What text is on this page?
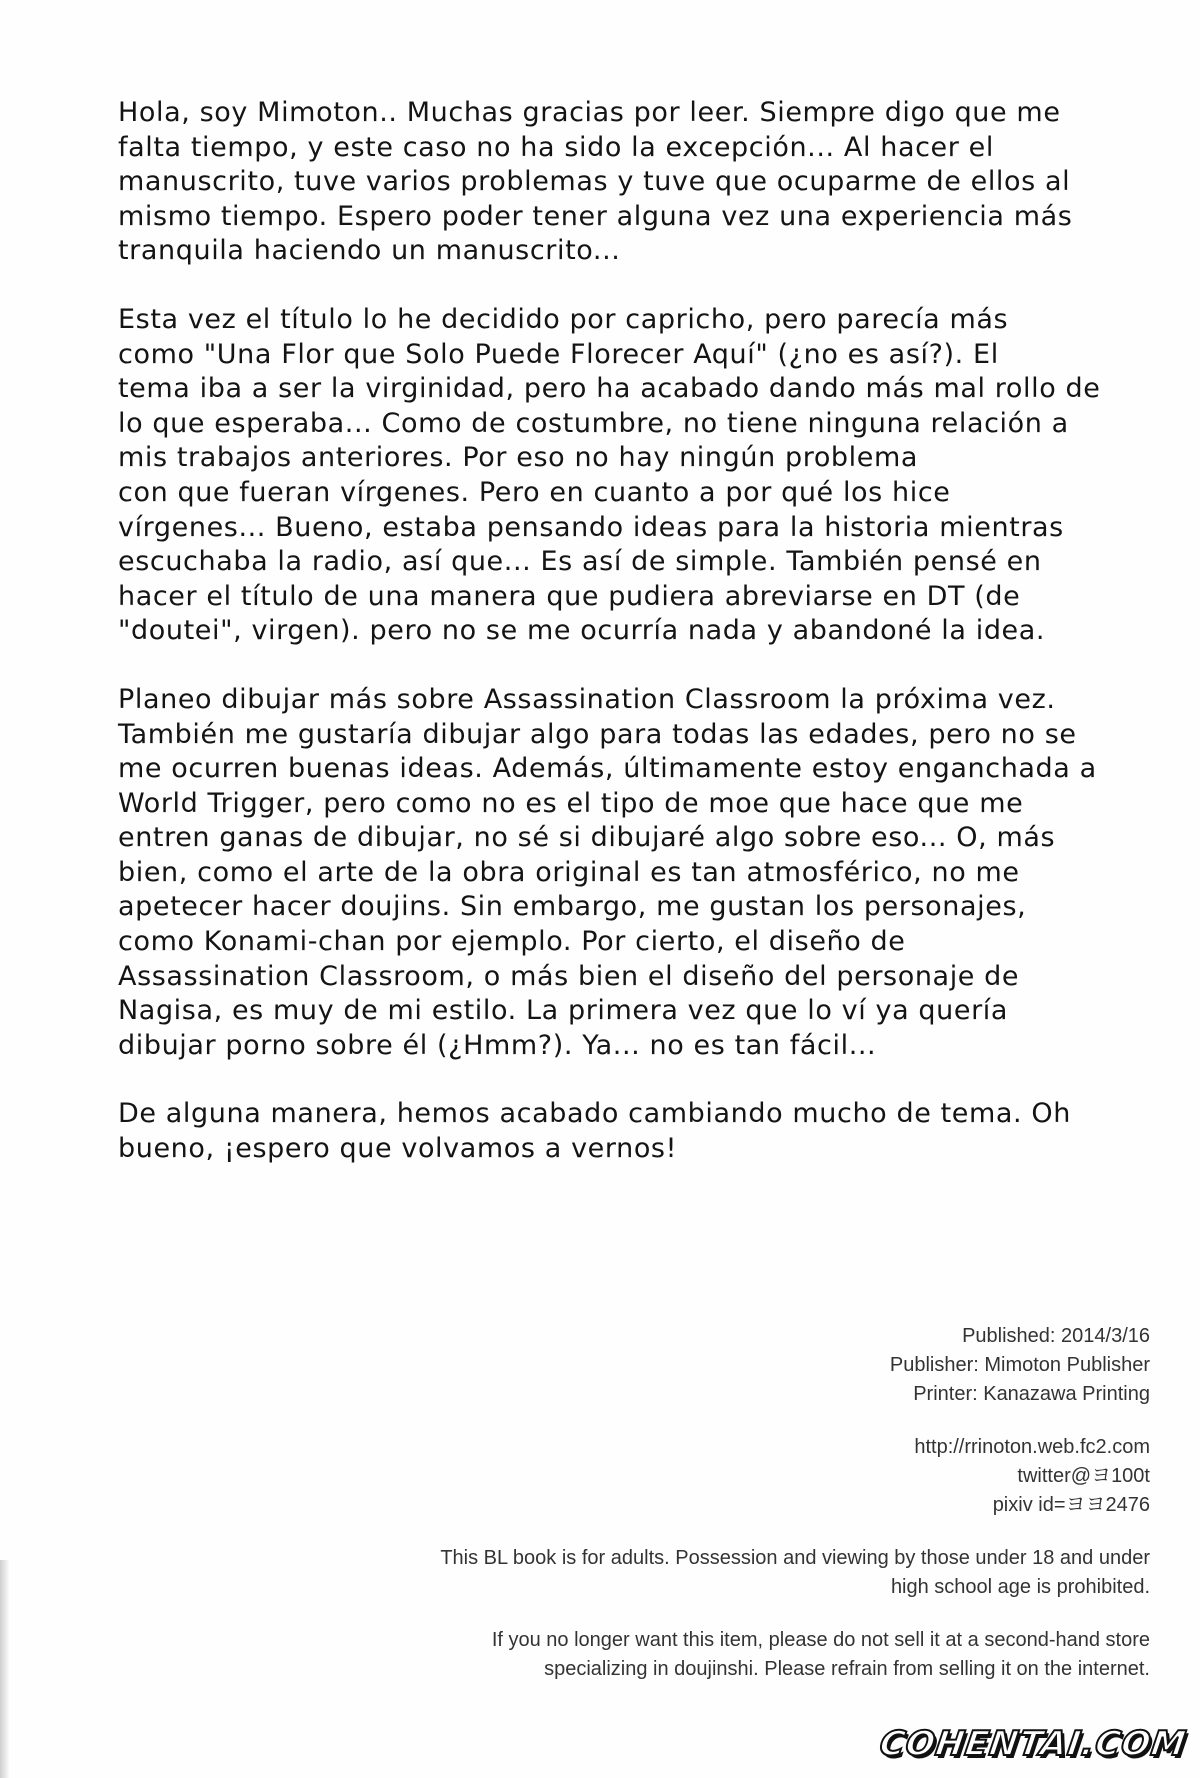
Hola, soy Mimoton.. Muchas gracias por leer. Siempre digo que me
falta tiempo, y este caso no ha sido la excepción... Al hacer el
manuscrito, tuve varios problemas y tuve que ocuparme de ellos al
mismo tiempo. Espero poder tener alguna vez una experiencia más
tranquila haciendo un manuscrito...
Esta vez el título lo he decidido por capricho, pero parecía más
como "Una Flor que Solo Puede Florecer Aquí" (¿no es así?). El
tema iba a ser la virginidad, pero ha acabado dando más mal rollo de
lo que esperaba... Como de costumbre, no tiene ninguna relación a
mis trabajos anteriores. Por eso no hay ningún problema
con que fueran vírgenes. Pero en cuanto a por qué los hice
vírgenes... Bueno, estaba pensando ideas para la historia mientras
escuchaba la radio, así que... Es así de simple. También pensé en
hacer el título de una manera que pudiera abreviarse en DT (de
"doutei", virgen). pero no se me ocurría nada y abandoné la idea.
Planeo dibujar más sobre Assassination Classroom la próxima vez.
También me gustaría dibujar algo para todas las edades, pero no se
me ocurren buenas ideas. Además, últimamente estoy enganchada a
World Trigger, pero como no es el tipo de moe que hace que me
entren ganas de dibujar, no sé si dibujaré algo sobre eso... O, más
bien, como el arte de la obra original es tan atmosférico, no me
apetecer hacer doujins. Sin embargo, me gustan los personajes,
como Konami-chan por ejemplo. Por cierto, el diseño de
Assassination Classroom, o más bien el diseño del personaje de
Nagisa, es muy de mi estilo. La primera vez que lo ví ya quería
dibujar porno sobre él (¿Hmm?). Ya... no es tan fácil...
De alguna manera, hemos acabado cambiando mucho de tema. Oh
bueno, ¡espero que volvamos a vernos!
Published: 2014/3/16
Publisher: Mimoton Publisher
Printer: Kanazawa Printing
http://rrinoton.web.fc2.com
twitter@ヨ100t
pixiv id=ヨヨ2476
This BL book is for adults. Possession and viewing by those under 18 and under
high school age is prohibited.
If you no longer want this item, please do not sell it at a second-hand store
specializing in doujinshi. Please refrain from selling it on the internet.
COHENTAI.COM
